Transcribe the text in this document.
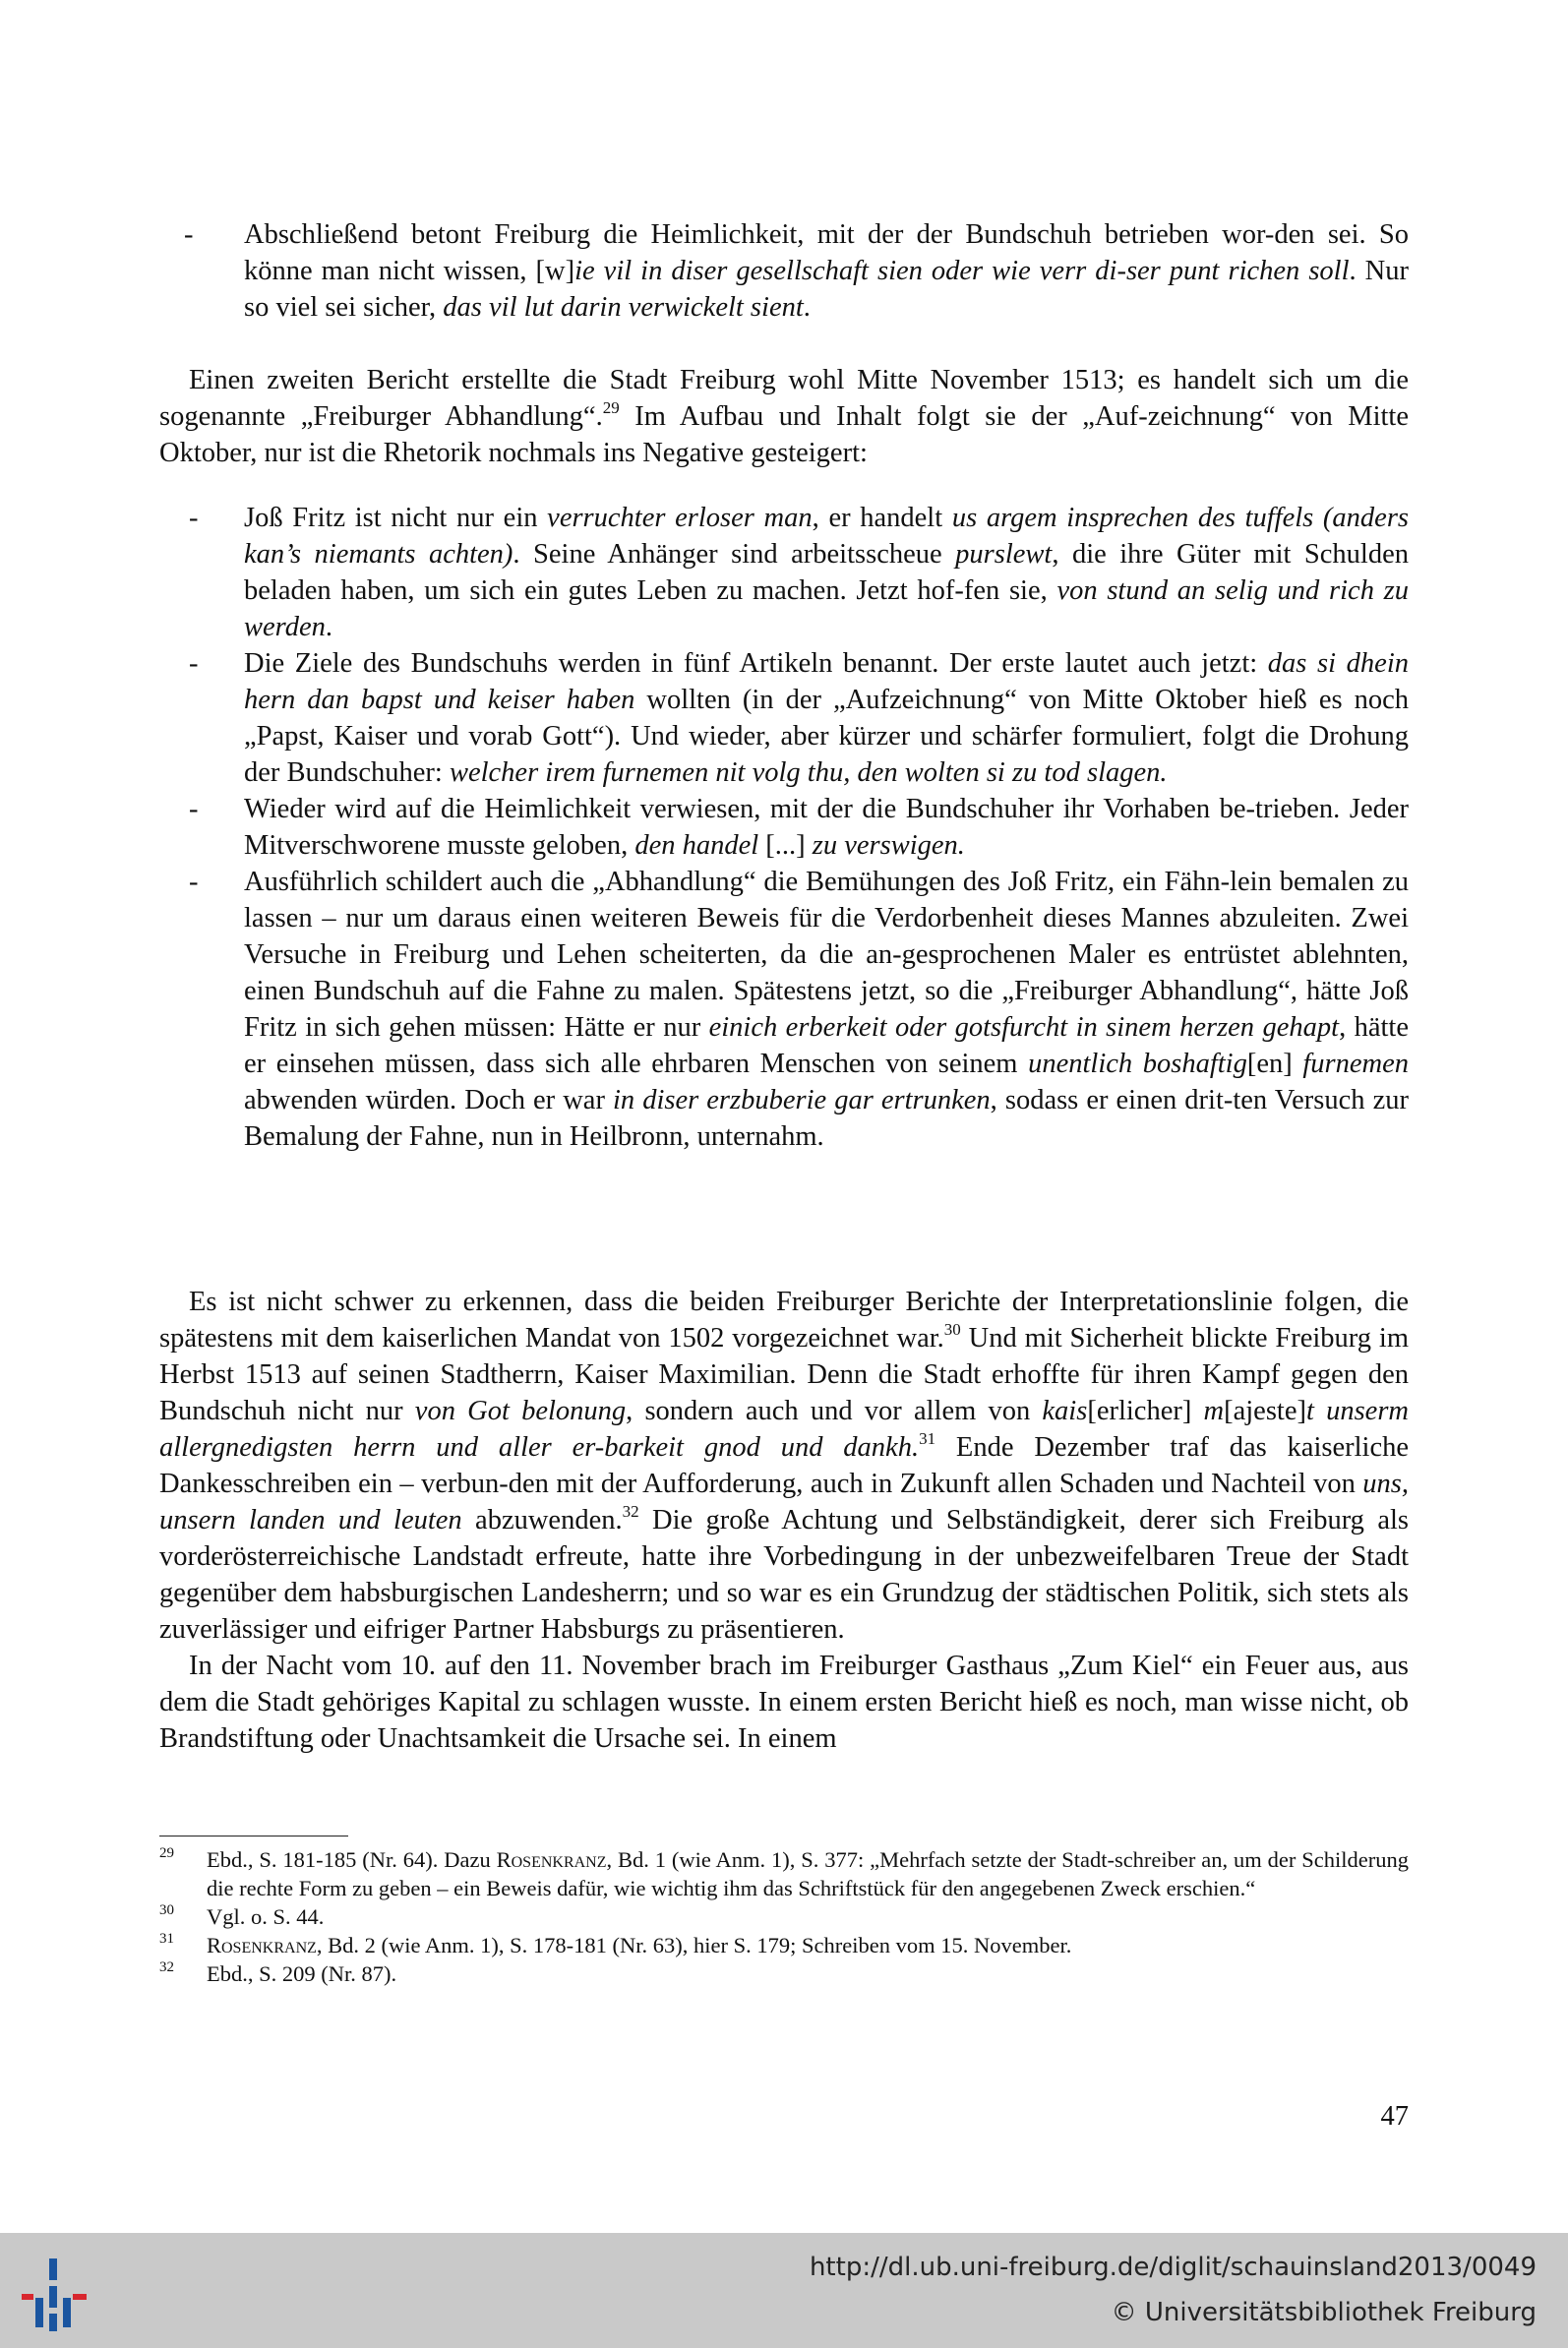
- Abschließend betont Freiburg die Heimlichkeit, mit der der Bundschuh betrieben wor-den sei. So könne man nicht wissen, [w]ie vil in diser gesellschaft sien oder wie verr di-ser punt richen soll. Nur so viel sei sicher, das vil lut darin verwickelt sient.

Einen zweiten Bericht erstellte die Stadt Freiburg wohl Mitte November 1513; es handelt sich um die sogenannte „Freiburger Abhandlung“.$^{29}$ Im Aufbau und Inhalt folgt sie der „Auf-zeichnung“ von Mitte Oktober, nur ist die Rhetorik nochmals ins Negative gesteigert:

- Joß Fritz ist nicht nur ein verruchter erloser man, er handelt us argem insprechen des tuffels (anders kan’s niemants achten). Seine Anhänger sind arbeitsscheue purslewt, die ihre Güter mit Schulden beladen haben, um sich ein gutes Leben zu machen. Jetzt hof-fen sie, von stund an selig und rich zu werden.
- Die Ziele des Bundschuhs werden in fünf Artikeln benannt. Der erste lautet auch jetzt: das si dhein hern dan bapst und keiser haben wollten (in der „Aufzeichnung“ von Mitte Oktober hieß es noch „Papst, Kaiser und vorab Gott“). Und wieder, aber kürzer und schärfer formuliert, folgt die Drohung der Bundschuher: welcher irem furnemen nit volg thu, den wolten si zu tod slagen.
- Wieder wird auf die Heimlichkeit verwiesen, mit der die Bundschuher ihr Vorhaben be-trieben. Jeder Mitverschworene musste geloben, den handel [...] zu verswigen.
- Ausführlich schildert auch die „Abhandlung“ die Bemühungen des Joß Fritz, ein Fähn-lein bemalen zu lassen – nur um daraus einen weiteren Beweis für die Verdorbenheit dieses Mannes abzuleiten. Zwei Versuche in Freiburg und Lehen scheiterten, da die an-gesprochenen Maler es entrüstet ablehnten, einen Bundschuh auf die Fahne zu malen. Spätestens jetzt, so die „Freiburger Abhandlung“, hätte Joß Fritz in sich gehen müssen: Hätte er nur einich erberkeit oder gotsfurcht in sinem herzen gehapt, hätte er einsehen müssen, dass sich alle ehrbaren Menschen von seinem unentlich boshaftig[en] furnemen abwenden würden. Doch er war in diser erzbuberie gar ertrunken, sodass er einen drit-ten Versuch zur Bemalung der Fahne, nun in Heilbronn, unternahm.

Es ist nicht schwer zu erkennen, dass die beiden Freiburger Berichte der Interpretationslinie folgen, die spätestens mit dem kaiserlichen Mandat von 1502 vorgezeichnet war.$^{30}$ Und mit Sicherheit blickte Freiburg im Herbst 1513 auf seinen Stadtherrn, Kaiser Maximilian. Denn die Stadt erhoffte für ihren Kampf gegen den Bundschuh nicht nur von Got belonung, sondern auch und vor allem von kais[erlicher] m[ajeste]t unserm allergnedigsten herrn und aller er-barkeit gnod und dankh.$^{31}$ Ende Dezember traf das kaiserliche Dankesschreiben ein – verbun-den mit der Aufforderung, auch in Zukunft allen Schaden und Nachteil von uns, unsern landen und leuten abzuwenden.$^{32}$ Die große Achtung und Selbständigkeit, derer sich Freiburg als vorderösterreichische Landstadt erfreute, hatte ihre Vorbedingung in der unbezweifelbaren Treue der Stadt gegenüber dem habsburgischen Landesherrn; und so war es ein Grundzug der städtischen Politik, sich stets als zuverlässiger und eifriger Partner Habsburgs zu präsentieren.

In der Nacht vom 10. auf den 11. November brach im Freiburger Gasthaus „Zum Kiel“ ein Feuer aus, aus dem die Stadt gehöriges Kapital zu schlagen wusste. In einem ersten Bericht hieß es noch, man wisse nicht, ob Brandstiftung oder Unachtsamkeit die Ursache sei. In einem

29 Ebd., S. 181-185 (Nr. 64). Dazu Rosenkranz, Bd. 1 (wie Anm. 1), S. 377: „Mehrfach setzte der Stadt-schreiber an, um der Schilderung die rechte Form zu geben – ein Beweis dafür, wie wichtig ihm das Schriftstück für den angegebenen Zweck erschien.“
30 Vgl. o. S. 44.
31 Rosenkranz, Bd. 2 (wie Anm. 1), S. 178-181 (Nr. 63), hier S. 179; Schreiben vom 15. November.
32 Ebd., S. 209 (Nr. 87).
47
http://dl.ub.uni-freiburg.de/diglit/schauinsland2013/0049
© Universitätsbibliothek Freiburg
